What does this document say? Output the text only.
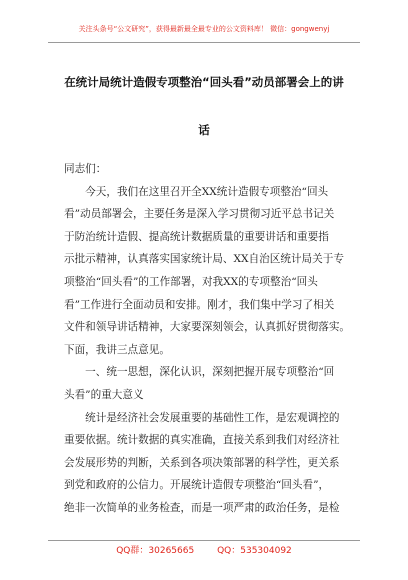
关注头条号“公文研究”，获得最新最全最专业的公文资料库！ 微信：gongwenyj
在统计局统计造假专项整治“回头看”动员部署会上的讲
话
同志们：
　　今天，我们在这里召开全XX统计造假专项整治“回头
看”动员部署会，主要任务是深入学习贯彻习近平总书记关
于防治统计造假、提高统计数据质量的重要讲话和重要指
示批示精神，认真落实国家统计局、XX自治区统计局关于专
项整治“回头看”的工作部署，对我XX的专项整治“回头
看”工作进行全面动员和安排。刚才，我们集中学习了相关
文件和领导讲话精神，大家要深刻领会，认真抓好贯彻落实。
下面，我讲三点意见。
　　一、统一思想，深化认识，深刻把握开展专项整治“回
头看”的重大意义
　　统计是经济社会发展重要的基础性工作，是宏观调控的
重要依据。统计数据的真实准确，直接关系到我们对经济社
会发展形势的判断，关系到各项决策部署的科学性，更关系
到党和政府的公信力。开展统计造假专项整治“回头看”，
绝非一次简单的业务检查，而是一项严肃的政治任务，是检
QQ群：30265665	QQ：535304092
